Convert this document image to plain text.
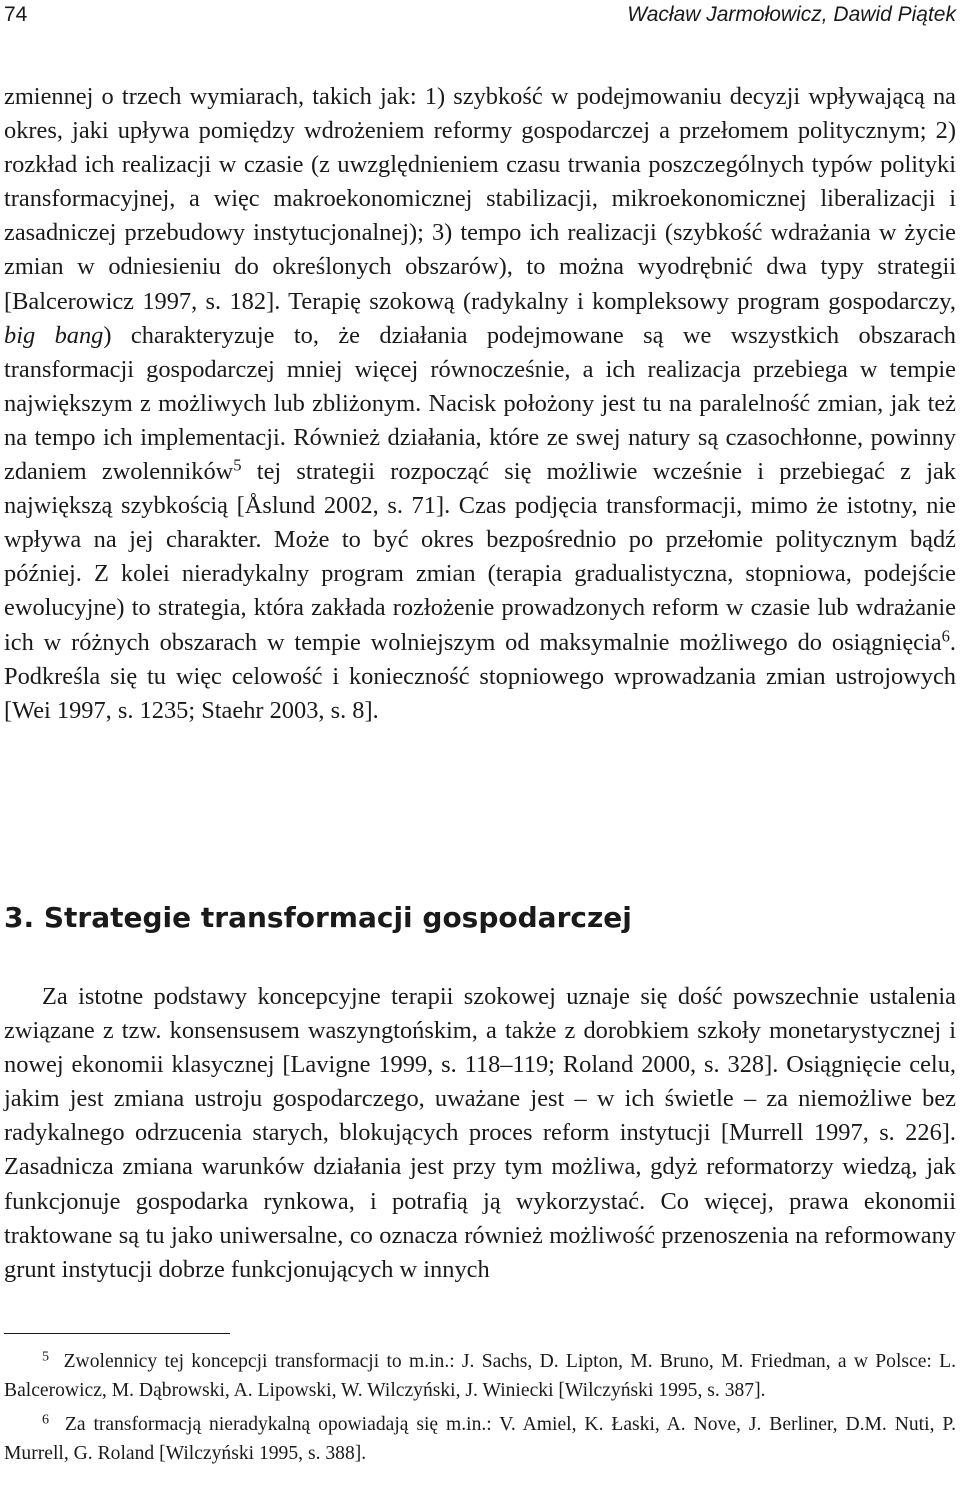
74	Wacław Jarmołowicz, Dawid Piątek

zmiennej o trzech wymiarach, takich jak: 1) szybkość w podejmowaniu decyzji wpływającą na okres, jaki upływa pomiędzy wdrożeniem reformy gospodarczej a przełomem politycznym; 2) rozkład ich realizacji w czasie (z uwzględnieniem czasu trwania poszczególnych typów polityki transformacyjnej, a więc makroekonomicznej stabilizacji, mikroekonomicznej liberalizacji i zasadniczej przebudowy instytucjonalnej); 3) tempo ich realizacji (szybkość wdrażania w życie zmian w odniesieniu do określonych obszarów), to można wyodrębnić dwa typy strategii [Balcerowicz 1997, s. 182]. Terapię szokową (radykalny i kompleksowy program gospodarczy, big bang) charakteryzuje to, że działania podejmowane są we wszystkich obszarach transformacji gospodarczej mniej więcej równocześnie, a ich realizacja przebiega w tempie największym z możliwych lub zbliżonym. Nacisk położony jest tu na paralelność zmian, jak też na tempo ich implementacji. Również działania, które ze swej natury są czasochłonne, powinny zdaniem zwolenników$^5$ tej strategii rozpocząć się możliwie wcześnie i przebiegać z jak największą szybkością [Åslund 2002, s. 71]. Czas podjęcia transformacji, mimo że istotny, nie wpływa na jej charakter. Może to być okres bezpośrednio po przełomie politycznym bądź później. Z kolei nieradykalny program zmian (terapia gradualistyczna, stopniowa, podejście ewolucyjne) to strategia, która zakłada rozłożenie prowadzonych reform w czasie lub wdrażanie ich w różnych obszarach w tempie wolniejszym od maksymalnie możliwego do osiągnięcia$^6$. Podkreśla się tu więc celowość i konieczność stopniowego wprowadzania zmian ustrojowych [Wei 1997, s. 1235; Staehr 2003, s. 8].

3. Strategie transformacji gospodarczej

Za istotne podstawy koncepcyjne terapii szokowej uznaje się dość powszechnie ustalenia związane z tzw. konsensusem waszyngtońskim, a także z dorobkiem szkoły monetarystycznej i nowej ekonomii klasycznej [Lavigne 1999, s. 118–119; Roland 2000, s. 328]. Osiągnięcie celu, jakim jest zmiana ustroju gospodarczego, uważane jest – w ich świetle – za niemożliwe bez radykalnego odrzucenia starych, blokujących proces reform instytucji [Murrell 1997, s. 226]. Zasadnicza zmiana warunków działania jest przy tym możliwa, gdyż reformatorzy wiedzą, jak funkcjonuje gospodarka rynkowa, i potrafią ją wykorzystać. Co więcej, prawa ekonomii traktowane są tu jako uniwersalne, co oznacza również możliwość przenoszenia na reformowany grunt instytucji dobrze funkcjonujących w innych

$^5$ Zwolennicy tej koncepcji transformacji to m.in.: J. Sachs, D. Lipton, M. Bruno, M. Friedman, a w Polsce: L. Balcerowicz, M. Dąbrowski, A. Lipowski, W. Wilczyński, J. Winiecki [Wilczyński 1995, s. 387].

$^6$ Za transformacją nieradykalną opowiadają się m.in.: V. Amiel, K. Łaski, A. Nove, J. Berliner, D.M. Nuti, P. Murrell, G. Roland [Wilczyński 1995, s. 388].
